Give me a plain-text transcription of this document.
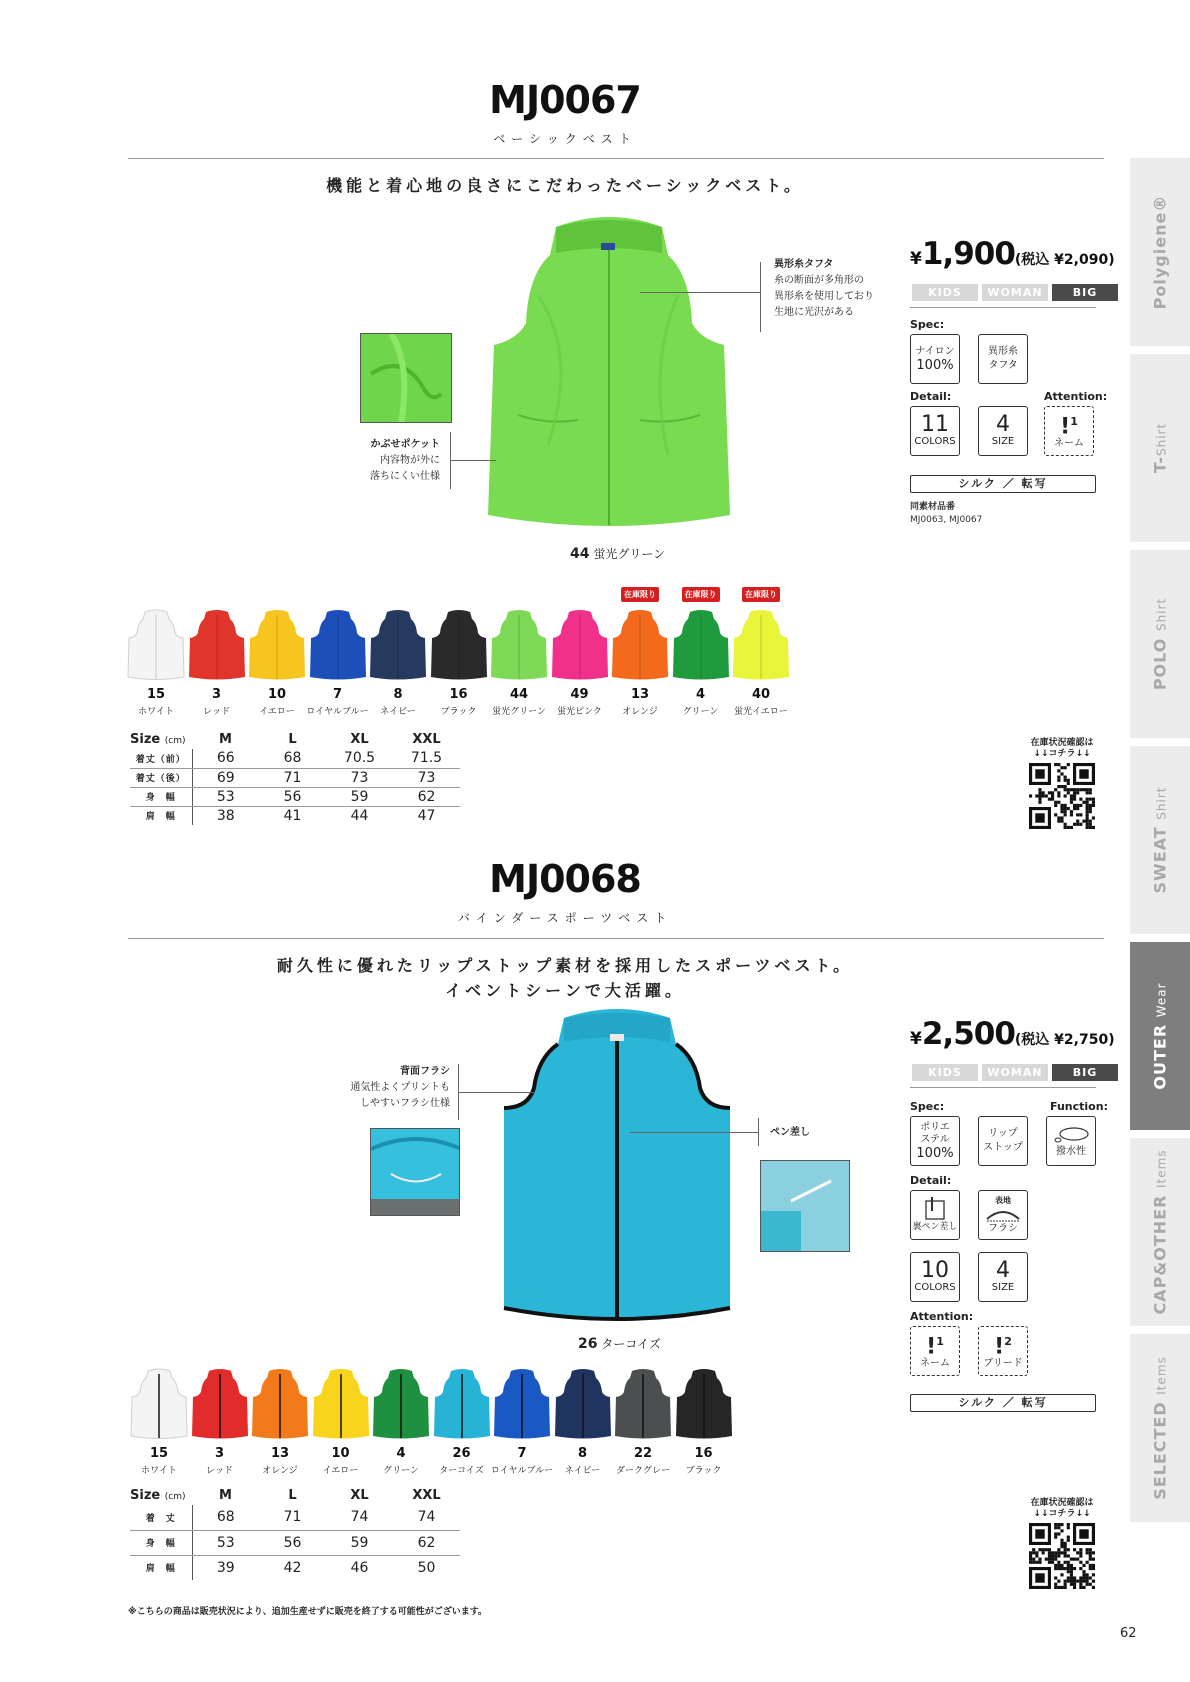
Polygiene®
T-Shirt
POLO Shirt
SWEAT Shirt
OUTER Wear
CAP&OTHER Items
SELECTED Items
MJ0067
ベーシックベスト
機能と着心地の良さにこだわったベーシックベスト。
異形糸タフタ
糸の断面が多角形の
異形糸を使用しており
生地に光沢がある
かぶせポケット
内容物が外に
落ちにくい仕様
44 蛍光グリーン
¥1,900(税込 ¥2,090)
KIDS	WOMAN	BIG
Spec:
ナイロン
100%
異形糸
タフタ
Detail:	Attention:
11
COLORS
4
SIZE
!$^1$
ネーム
シルク ／ 転写
同素材品番
MJ0063, MJ0067
15
ホワイト
3
レッド
10
イエロー
7
ロイヤルブルー
8
ネイビー
16
ブラック
44
蛍光グリーン
49
蛍光ピンク
13
オレンジ
在庫限り
4
グリーン
在庫限り
40
蛍光イエロー
在庫限り
Size (cm)	M	L	XL	XXL
着丈（前）	66	68	70.5	71.5
着丈（後）	69	71	73	73
身　幅	53	56	59	62
肩　幅	38	41	44	47
在庫状況確認は
↓↓コチラ↓↓
MJ0068
バインダースポーツベスト
耐久性に優れたリップストップ素材を採用したスポーツベスト。
イベントシーンで大活躍。
背面フラシ
通気性よくプリントも
しやすいフラシ仕様
ペン差し
26 ターコイズ
¥2,500(税込 ¥2,750)
KIDS	WOMAN	BIG
Spec:	Function:
ポリエ
ステル
100%
リップ
ストップ	撥水性
Detail:
裏ペン差し
表地
フラシ
10
COLORS
4
SIZE
Attention:
!$^1$
ネーム
!$^2$
ブリード
シルク ／ 転写
15
ホワイト
3
レッド
13
オレンジ
10
イエロー
4
グリーン
26
ターコイズ
7
ロイヤルブルー
8
ネイビー
22
ダークグレー
16
ブラック
Size (cm)	M	L	XL	XXL
着　丈	68	71	74	74
身　幅	53	56	59	62
肩　幅	39	42	46	50
在庫状況確認は
↓↓コチラ↓↓
※こちらの商品は販売状況により、追加生産せずに販売を終了する可能性がございます。
62
